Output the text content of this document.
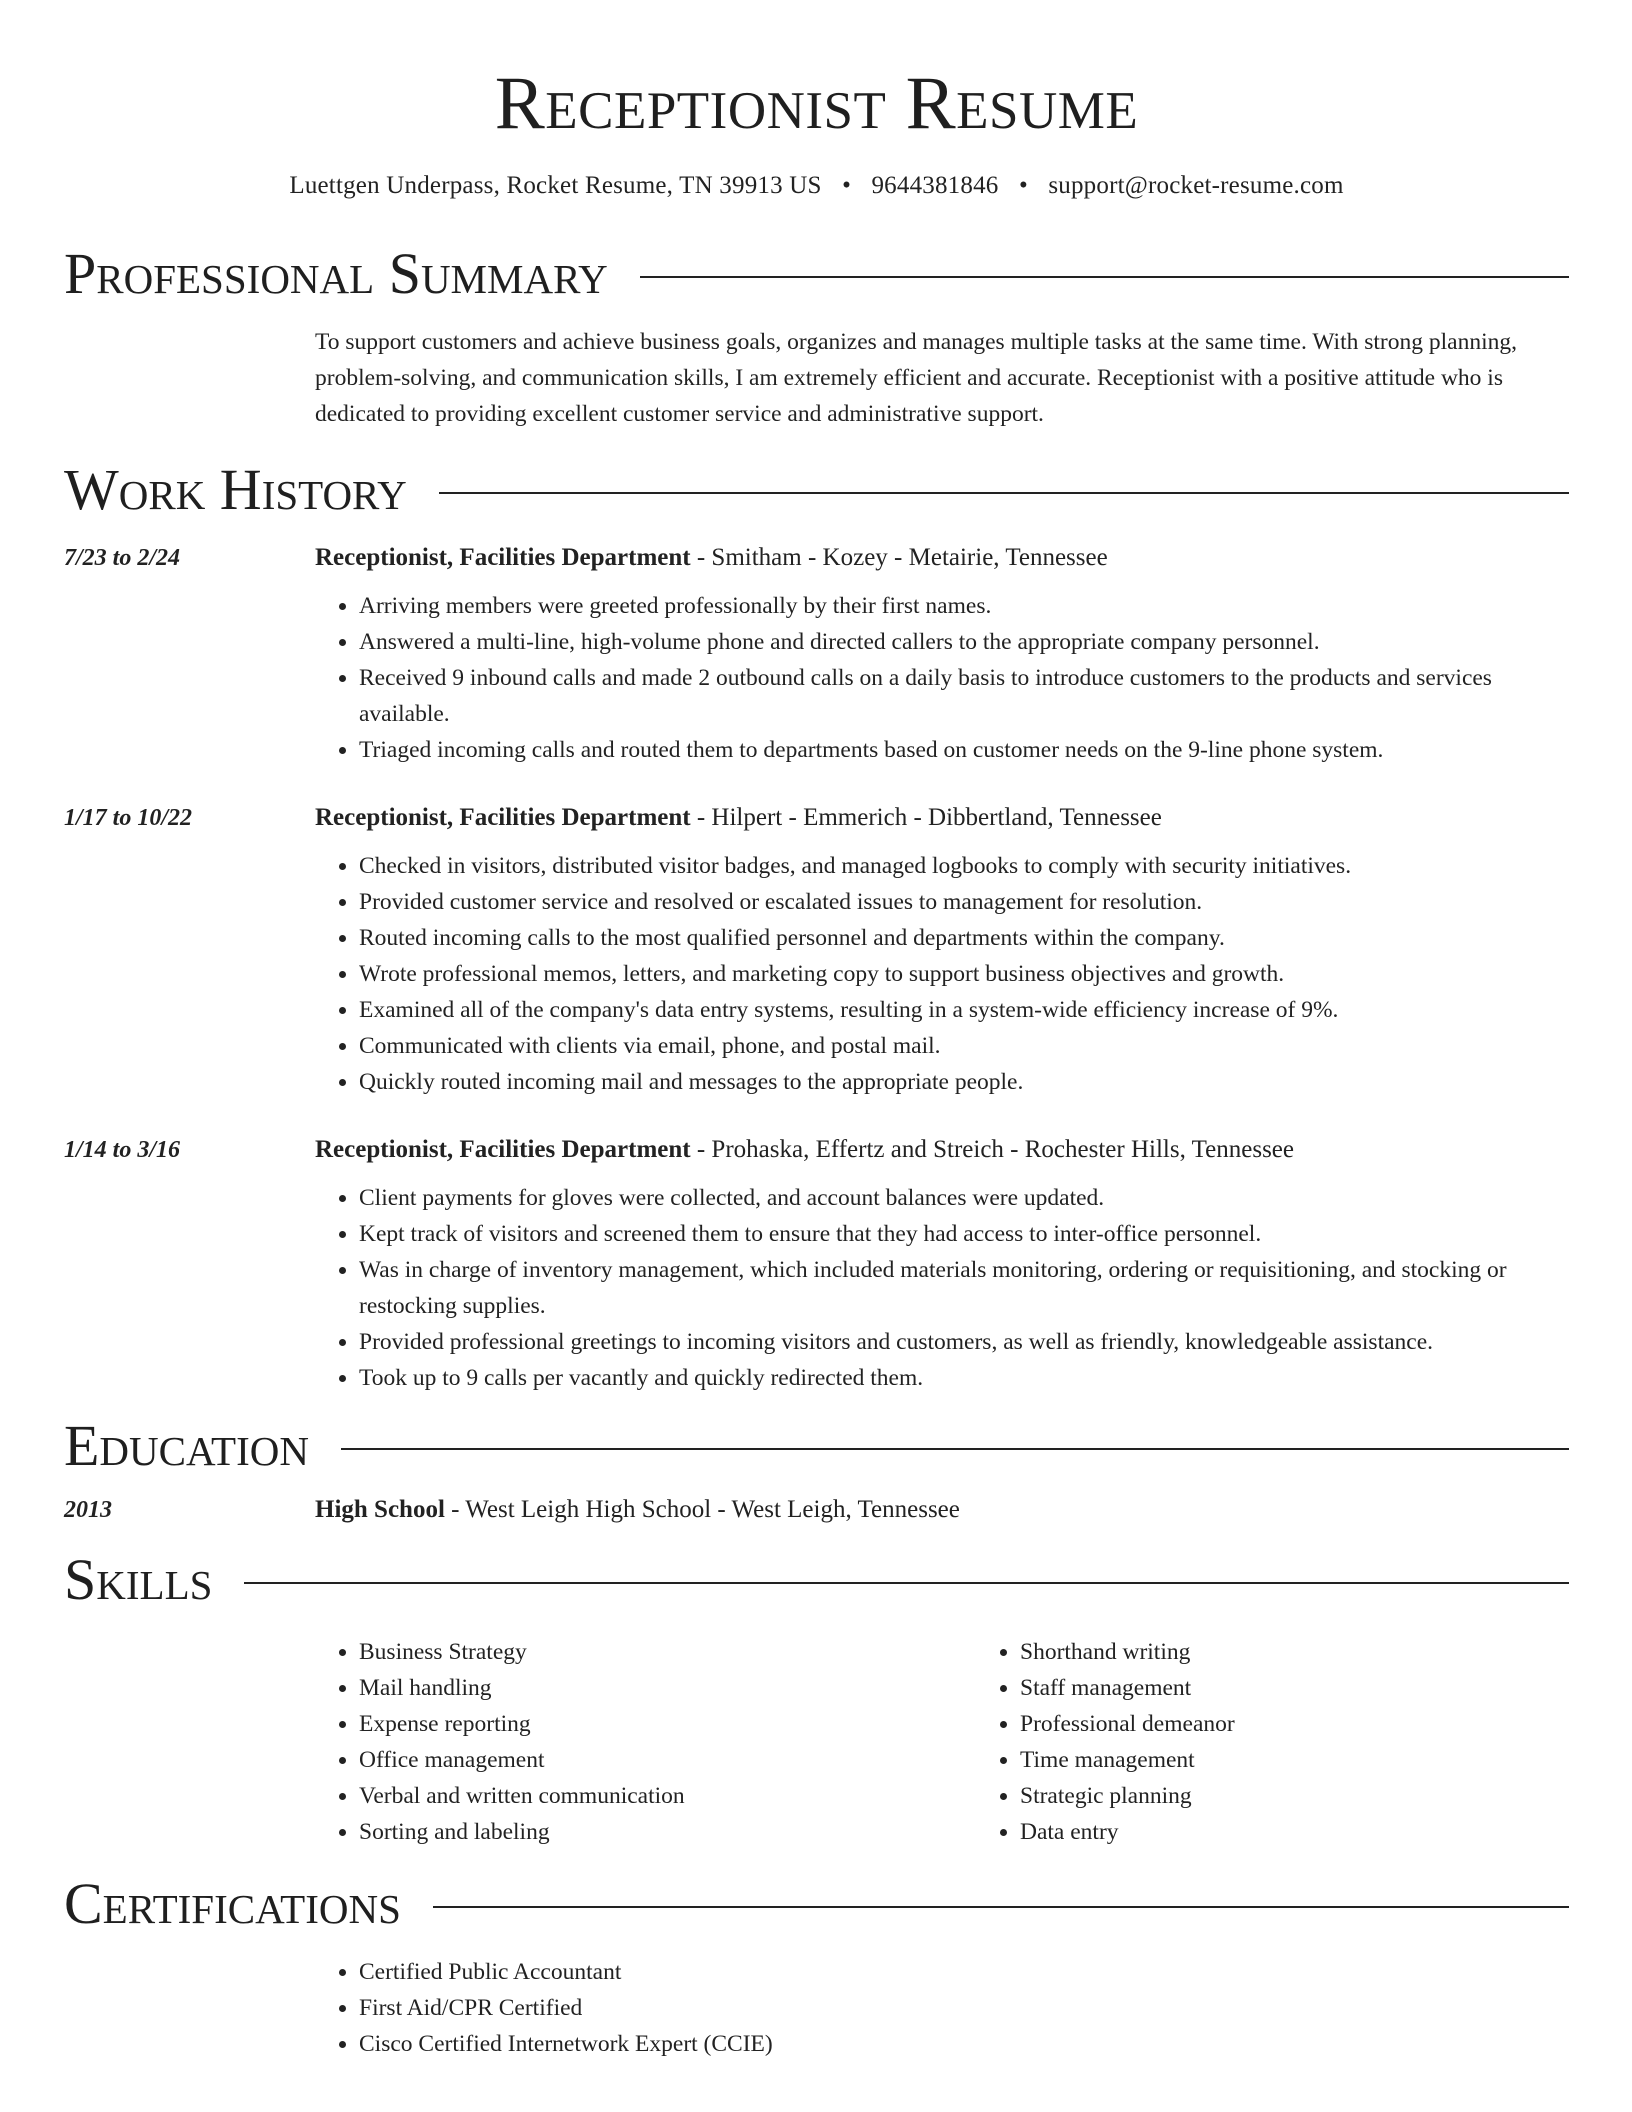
Receptionist Resume
Luettgen Underpass, Rocket Resume, TN 39913 US • 9644381846 • support@rocket-resume.com
Professional Summary

To support customers and achieve business goals, organizes and manages multiple tasks at the same time. With strong planning, problem-solving, and communication skills, I am extremely efficient and accurate. Receptionist with a positive attitude who is dedicated to providing excellent customer service and administrative support.

Work History
7/23 to 2/24	Receptionist, Facilities Department - Smitham - Kozey - Metairie, Tennessee
• Arriving members were greeted professionally by their first names.
• Answered a multi-line, high-volume phone and directed callers to the appropriate company personnel.
• Received 9 inbound calls and made 2 outbound calls on a daily basis to introduce customers to the products and services available.
• Triaged incoming calls and routed them to departments based on customer needs on the 9-line phone system.
1/17 to 10/22	Receptionist, Facilities Department - Hilpert - Emmerich - Dibbertland, Tennessee
• Checked in visitors, distributed visitor badges, and managed logbooks to comply with security initiatives.
• Provided customer service and resolved or escalated issues to management for resolution.
• Routed incoming calls to the most qualified personnel and departments within the company.
• Wrote professional memos, letters, and marketing copy to support business objectives and growth.
• Examined all of the company's data entry systems, resulting in a system-wide efficiency increase of 9%.
• Communicated with clients via email, phone, and postal mail.
• Quickly routed incoming mail and messages to the appropriate people.
1/14 to 3/16	Receptionist, Facilities Department - Prohaska, Effertz and Streich - Rochester Hills, Tennessee
• Client payments for gloves were collected, and account balances were updated.
• Kept track of visitors and screened them to ensure that they had access to inter-office personnel.
• Was in charge of inventory management, which included materials monitoring, ordering or requisitioning, and stocking or restocking supplies.
• Provided professional greetings to incoming visitors and customers, as well as friendly, knowledgeable assistance.
• Took up to 9 calls per vacantly and quickly redirected them.
Education
2013	High School - West Leigh High School - West Leigh, Tennessee
Skills
• Business Strategy
• Mail handling
• Expense reporting
• Office management
• Verbal and written communication
• Sorting and labeling
• Shorthand writing
• Staff management
• Professional demeanor
• Time management
• Strategic planning
• Data entry
Certifications
• Certified Public Accountant
• First Aid/CPR Certified
• Cisco Certified Internetwork Expert (CCIE)
